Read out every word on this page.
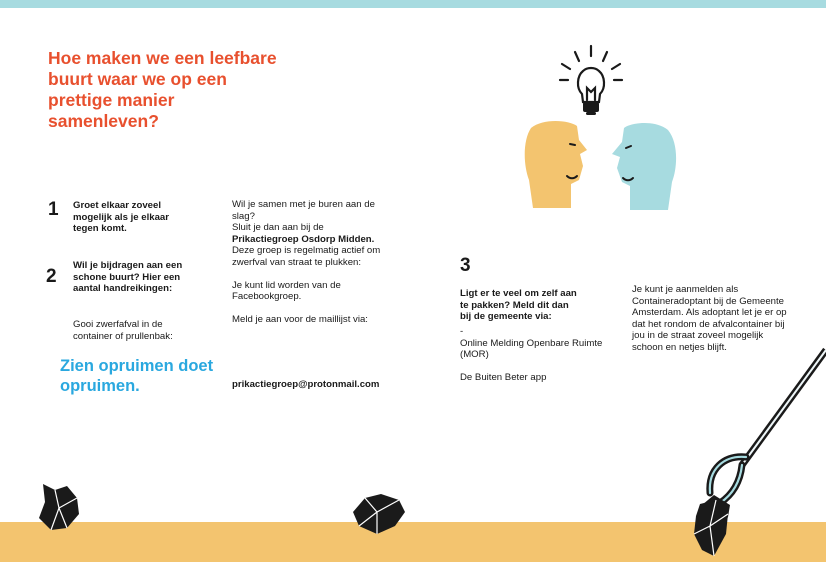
Hoe maken we een leefbare buurt waar we op een prettige manier samenleven?
1 Groet elkaar zoveel mogelijk als je elkaar tegen komt.
2
Wil je bijdragen aan een schone buurt? Hier een aantal handreikingen:
Gooi zwerfafval in de container of prullenbak:
Zien opruimen doet opruimen.
Wil je samen met je buren aan de slag?
Sluit je dan aan bij de
Prikactiegroep Osdorp Midden.
Deze groep is regelmatig actief om zwerfval van straat te plukken:
Je kunt lid worden van de Facebookgroep.
Meld je aan voor de maillijst via:
prikactiegroep@protonmail.com
3
Ligt er te veel om zelf aan te pakken? Meld dit dan bij de gemeente via:
-
Online Melding Openbare Ruimte (MOR)
De Buiten Beter app
Je kunt je aanmelden als Containeradoptant bij de Gemeente Amsterdam. Als adoptant let je er op dat het rondom de afvalcontainer bij jou in de straat zoveel mogelijk schoon en netjes blijft.
